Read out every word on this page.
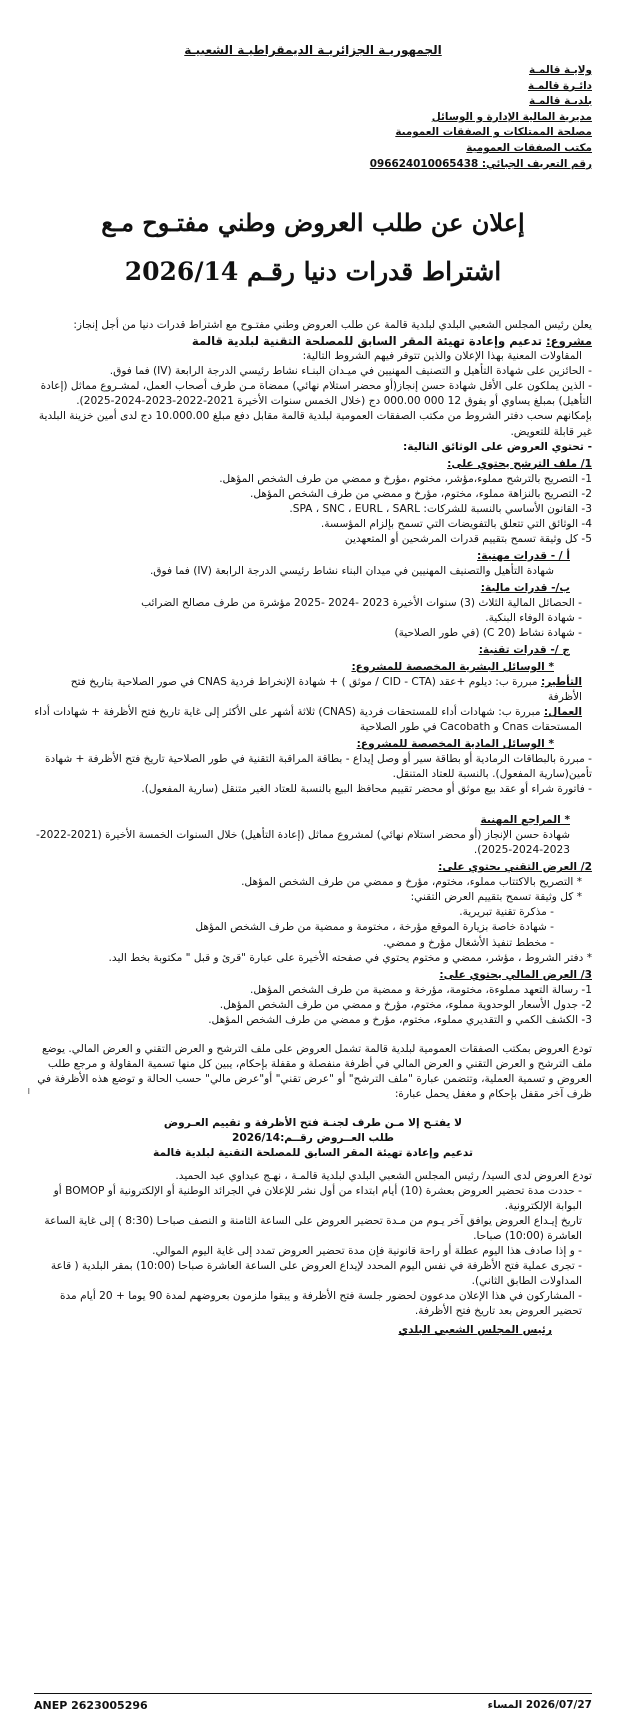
I
الجمهوريـة الجزائريـة الديمقراطيـة الشعبيـة
ولايـة قالمـة
دائـرة قالمـة
بلديـة قالمـة
مديرية المالية الإدارة و الوسائل
مصلحة الممتلكات و الصفقات العمومية
مكتب الصفقات العمومية
رقم التعريف الجبائي: 096624010065438
إعلان عن طلب العروض وطني مفتـوح مـع
اشتراط قدرات دنيا رقـم 2026/14

يعلن رئيس المجلس الشعبي البلدي لبلدية قالمة عن طلب العروض وطني مفتـوح مع اشتراط قدرات دنيا من أجل إنجاز:

مشروع: تدعيم وإعادة تهيئة المقر السابق للمصلحة التقنية لبلدية قالمة

المقاولات المعنية بهذا الإعلان والذين تتوفر فيهم الشروط التالية:

- الحائزين على شهادة التأهيل و التصنيف المهنيين في ميـدان البنـاء نشاط رئيسي الدرجة الرابعة (IV) فما فوق.

- الذين يملكون على الأقل شهادة حسن إنجاز(أو محضر استلام نهائي) ممضاة مـن طرف أصحاب العمل، لمشـروع مماثل (إعادة التأهيل) بمبلغ يساوي أو يفوق 12 000 000.00 دج (خلال الخمس سنوات الأخيرة 2021-2022-2023-2024-2025).

بإمكانهم سحب دفتر الشروط من مكتب الصفقات العمومية لبلدية قالمة مقابل دفع مبلغ 10.000.00 دج لدى أمين خزينة البلدية غير قابلة للتعويض.

- تحتوي العروض على الوثائق التالية:

1/ ملف الترشح يحتوي على:

1- التصريح بالترشح مملوء،مؤشر، مختوم ،مؤرخ و ممضي من طرف الشخص المؤهل.

2- التصريح بالنزاهة مملوء، مختوم، مؤرخ و ممضي من طرف الشخص المؤهل.

3- القانون الأساسي بالنسبة للشركات: SPA ، SNC ، EURL ، SARL.

4- الوثائق التي تتعلق بالتفويضات التي تسمح بإلزام المؤسسة.

5- كل وثيقة تسمح بتقييم قدرات المرشحين أو المتعهدين

أ / - قدرات مهنية:

شهادة التأهيل والتصنيف المهنيين في ميدان البناء نشاط رئيسي الدرجة الرابعة (IV) فما فوق.

ب/- قدرات مالية:

- الحصائل المالية الثلاث (3) سنوات الأخيرة 2023 -2024 -2025 مؤشرة من طرف مصالح الضرائب

- شهادة الوفاء البنكية.

- شهادة نشاط (C 20) (في طور الصلاحية)

ج /- قدرات تقنية:

* الوسائل البشرية المخصصة للمشروع:

التأطير: مبررة ب: ديلوم +عقد (CID - CTA / موثق ) + شهادة الإنخراط فردية CNAS في صور الصلاحية بتاريخ فتح الأظرفة

العمال: مبررة ب: شهادات أداء للمستحقات فردية (CNAS) ثلاثة أشهر على الأكثر إلى غاية تاريخ فتح الأظرفة + شهادات أداء المستحقات Cnas و Cacobath في طور الصلاحية

* الوسائل المادية المخصصة للمشروع:

- مبررة بالبطاقات الرمادية أو بطاقة سير أو وصل إيداع - بطاقة المراقبة التقنية في طور الصلاحية تاريخ فتح الأظرفة + شهادة تأمين(سارية المفعول). بالنسبة للعتاد المتنقل.

- فاتورة شراء أو عقد بيع موثق أو محضر تقييم محافظ البيع بالنسبة للعتاد الغير متنقل (سارية المفعول).

* المراجع المهنية

شهادة حسن الإنجاز (أو محضر استلام نهائي) لمشروع مماثل (إعادة التأهيل) خلال السنوات الخمسة الأخيرة (2021-2022-2023-2024-2025).

2/ العرض التقني يحتوي على:

* التصريح بالاكتتاب مملوء، مختوم، مؤرخ و ممضي من طرف الشخص المؤهل.

* كل وثيقة تسمح بتقييم العرض التقني:

- مذكرة تقنية تبريرية.

- شهادة خاصة بزيارة الموقع مؤرخة ، مختومة و ممضية من طرف الشخص المؤهل

- مخطط تنفيذ الأشغال مؤرخ و ممضي.

* دفتر الشروط ، مؤشر، ممضي و مختوم يحتوي في صفحته الأخيرة على عبارة "قرئ و قبل " مكتوبة بخط اليد.

3/ العرض المالي يحتوي على:

1- رسالة التعهد مملوءة، مختومة، مؤرخة و ممضية من طرف الشخص المؤهل.

2- جدول الأسعار الوحدوية مملوء، مختوم، مؤرخ و ممضي من طرف الشخص المؤهل.

3- الكشف الكمي و التقديري مملوء، مختوم، مؤرخ و ممضي من طرف الشخص المؤهل.

تودع العروض بمكتب الصفقات العمومية لبلدية قالمة تشمل العروض على ملف الترشح و العرض التقني و العرض المالي. يوضع ملف الترشح و العرض التقني و العرض المالي في أظرفة منفصلة و مقفلة بإحكام، يبين كل منها تسمية المقاولة و مرجع طلب العروض و تسمية العملية، وتتضمن عبارة "ملف الترشح" أو "عرض تقني" أو"عرض مالي" حسب الحالة و توضع هذه الأظرفة في ظرف آخر مقفل بإحكام و مغفل يحمل عبارة:

لا يفتـح إلا مـن طرف لجنـة فتح الأظرفة و تقييم العـروض

طلب العــروض رقــم:2026/14

تدعيم وإعادة تهيئة المقر السابق للمصلحة التقنية لبلدية قالمة

تودع العروض لدى السيد/ رئيس المجلس الشعبي البلدي لبلدية قالمـة ، نهـج عبداوي عبد الحميد.

- حددت مدة تحضير العروض بعشرة (10) أيام ابتداء من أول نشر للإعلان في الجرائد الوطنية أو الإلكترونية أو BOMOP أو البوابة الإلكترونية.

تاريخ إيـداع العروض يوافق آخر يـوم من مـدة تحضير العروض على الساعة الثامنة و النصف صباحـا (8:30 ) إلى غاية الساعة العاشرة (10:00) صباحا.

- و إذا صادف هذا اليوم عطلة أو راحة قانونية فإن مدة تحضير العروض تمدد إلى غاية اليوم الموالي.

- تجرى عملية فتح الأظرفة في نفس اليوم المحدد لإيداع العروض على الساعة العاشرة صباحا (10:00) بمقر البلدية ( قاعة المداولات الطابق الثاني).

- المشاركون في هذا الإعلان مدعوون لحضور جلسة فتح الأظرفة و يبقوا ملزمون بعروضهم لمدة 90 يوما + 20 أيام مدة تحضير العروض بعد تاريخ فتح الأظرفة.

رئيس المجلس الشعبي البلدي

2026/07/27 المساء
ANEP 2623005296
